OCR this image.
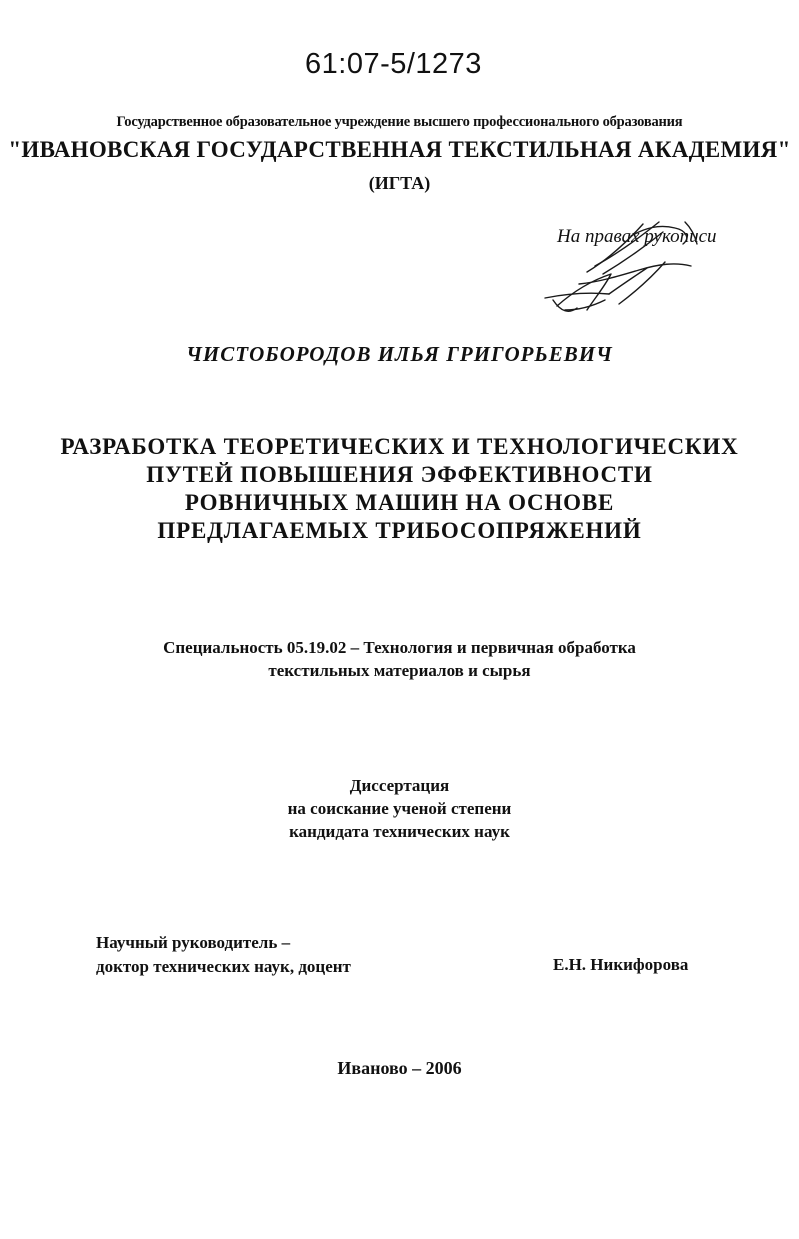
61:07-5/1273
Государственное образовательное учреждение высшего профессионального образования
"ИВАНОВСКАЯ ГОСУДАРСТВЕННАЯ ТЕКСТИЛЬНАЯ АКАДЕМИЯ"
(ИГТА)
На правах рукописи
ЧИСТОБОРОДОВ ИЛЬЯ ГРИГОРЬЕВИЧ
РАЗРАБОТКА ТЕОРЕТИЧЕСКИХ И ТЕХНОЛОГИЧЕСКИХ
ПУТЕЙ ПОВЫШЕНИЯ ЭФФЕКТИВНОСТИ
РОВНИЧНЫХ МАШИН НА ОСНОВЕ
ПРЕДЛАГАЕМЫХ ТРИБОСОПРЯЖЕНИЙ
Специальность 05.19.02 – Технология и первичная обработка
текстильных материалов и сырья
Диссертация
на соискание ученой степени
кандидата технических наук
Научный руководитель –
доктор технических наук, доцент	Е.Н. Никифорова
Иваново – 2006
